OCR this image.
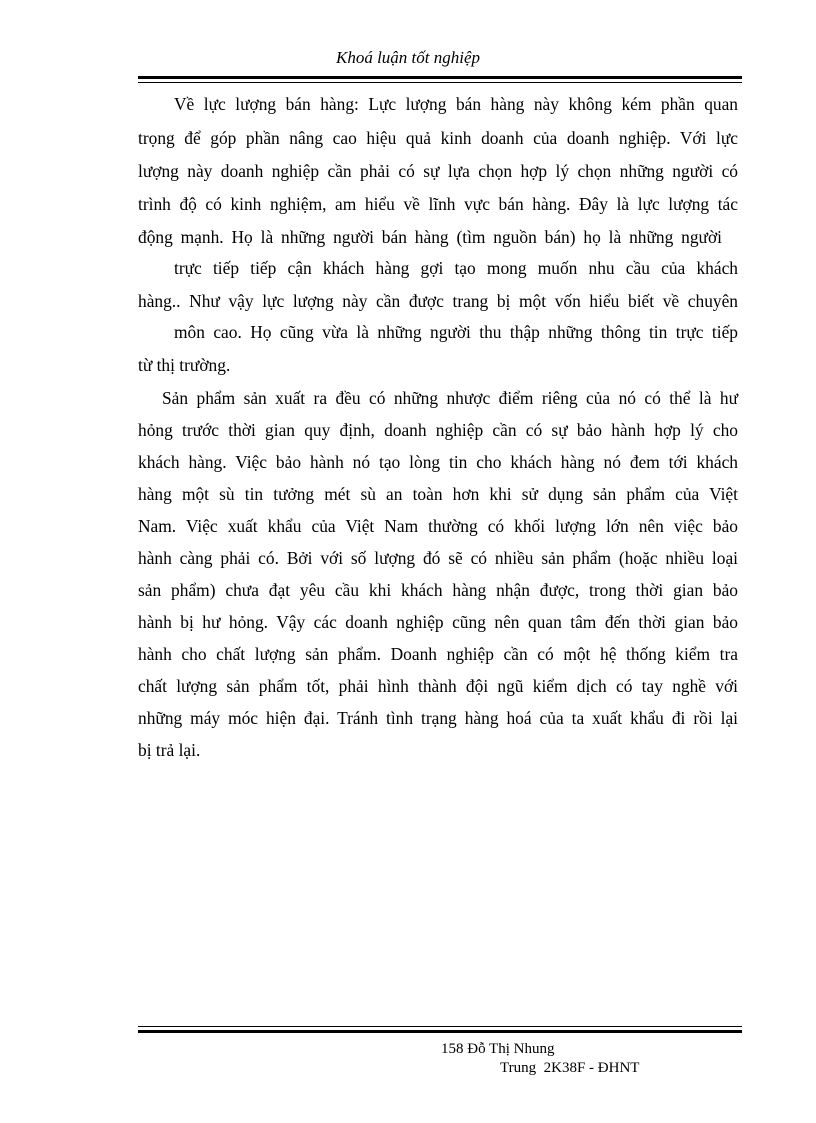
Khoá luận tốt nghiệp
Về lực lượng bán hàng: Lực lượng bán hàng này không kém phần quan
trọng để góp phần nâng cao hiệu quả kinh doanh của doanh nghiệp. Với lực
lượng này doanh nghiệp cần phải có sự lựa chọn hợp lý chọn những người có
trình độ có kinh nghiệm, am hiểu về lĩnh vực bán hàng. Đây là lực lượng tác
động mạnh. Họ là những người bán hàng (tìm nguồn bán) họ là những người
trực tiếp tiếp cận khách hàng gợi tạo mong muốn nhu cầu của khách
hàng.. Như vậy lực lượng này cần được trang bị một vốn hiểu biết về chuyên
môn cao. Họ cũng vừa là những người thu thập những thông tin trực tiếp
từ thị trường.
Sản phẩm sản xuất ra đều có những nhược điểm riêng của nó có thể là hư
hỏng trước thời gian quy định, doanh nghiệp cần có sự bảo hành hợp lý cho
khách hàng. Việc bảo hành nó tạo lòng tin cho khách hàng nó đem tới khách
hàng một sù tin tưởng mét sù an toàn hơn khi sử dụng sản phẩm của Việt
Nam. Việc xuất khẩu của Việt Nam thường có khối lượng lớn nên việc bảo
hành càng phải có. Bởi với số lượng đó sẽ có nhiều sản phẩm (hoặc nhiều loại
sản phẩm) chưa đạt yêu cầu khi khách hàng nhận được, trong thời gian bảo
hành bị hư hỏng. Vậy các doanh nghiệp cũng nên quan tâm đến thời gian bảo
hành cho chất lượng sản phẩm. Doanh nghiệp cần có một hệ thống kiểm tra
chất lượng sản phẩm tốt, phải hình thành đội ngũ kiểm dịch có tay nghề với
những máy móc hiện đại. Tránh tình trạng hàng hoá của ta xuất khẩu đi rồi lại
bị trả lại.
158 Đỗ Thị Nhung
Trung  2K38F - ĐHNT
